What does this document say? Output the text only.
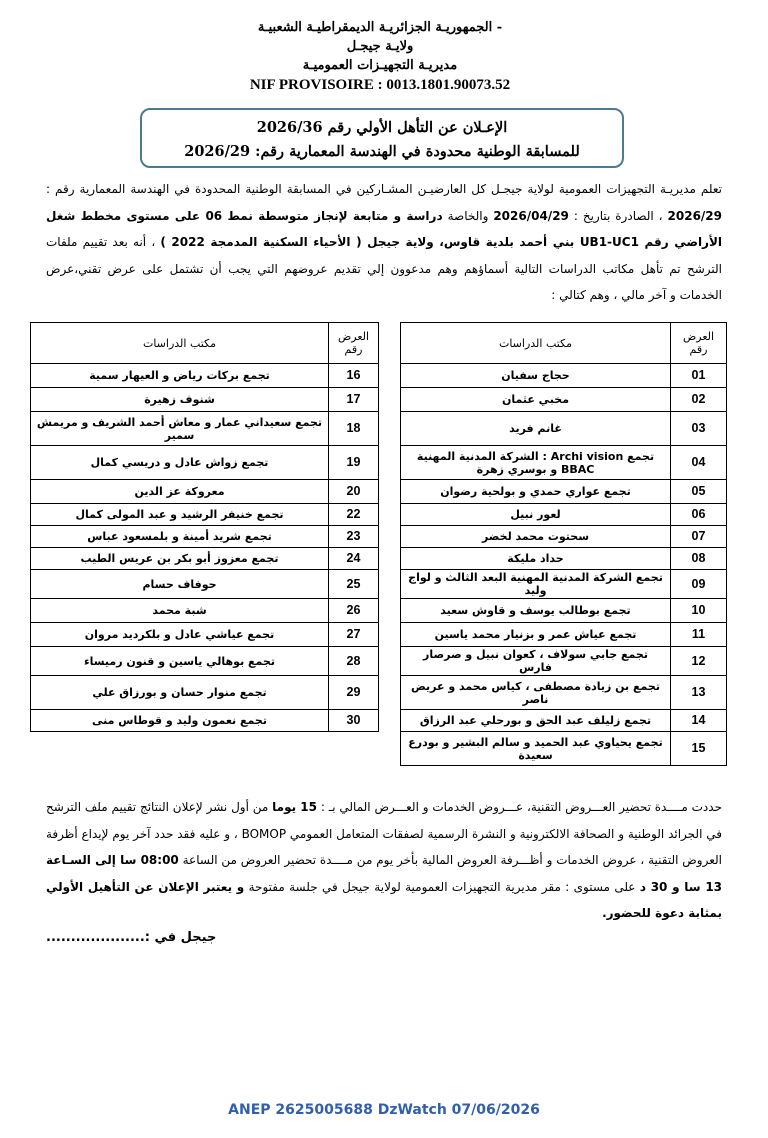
- الجمهوريـة الجزائريـة الديمقراطيـة الشعبيـة
ولايـة جيجـل
مديريـة التجهيـزات العموميـة
NIF PROVISOIRE : 0013.1801.90073.52
الإعـلان عن التأهل الأولي رقم 2026/36
للمسابقة الوطنية محدودة في الهندسة المعمارية رقم: 2026/29
تعلم مديريـة التجهيزات العمومية لولاية جيجـل كل العارضيـن المشـاركين في المسابقة الوطنية المحدودة في الهندسة المعمارية رقم : 2026/29 ، الصادرة بتاريخ : 2026/04/29 والخاصة دراسة و متابعة لإنجاز متوسطة نمط 06 على مستوى مخطط شغل الأراضي رقم UB1-UC1 بني أحمد بلدية قاوس، ولاية جيجل ( الأحياء السكنية المدمجة 2022 ) ، أنه بعد تقييم ملفات الترشح تم تأهل مكاتب الدراسات التالية أسماؤهم وهم مدعوون إلي تقديم عروضهم التي يجب أن تشتمل على عرض تقني،عرض الخدمات و آخر مالي ، وهم كتالي :
العرض رقم	مكتب الدراسات		العرض رقم	مكتب الدراسات
01	حجاج سفيان		16	تجمع بركات رياض و العيهار سمية
02	مخبي عثمان		17	شنوف زهيرة
03	غانم فريد		18	تجمع سعيداني عمار و معاش أحمد الشريف و مريمش سمير
04	تجمع Archi vision : الشركة المدنية المهنية BBAC و بوسري زهرة		19	تجمع زواش عادل و دريسي كمال
05	تجمع عواري حمدي و بولحية رضوان		20	معروكة عز الدين
06	لعور نبيل		22	تجمع خنيفر الرشيد و عبد المولى كمال
07	سحتوت محمد لخضر		23	تجمع شريد أمينة و بلمسعود عباس
08	حداد مليكة		24	تجمع معزوز أبو بكر بن عريس الطيب
09	تجمع الشركة المدنية المهنية البعد الثالث و لواج وليد		25	حوفاف حسام
10	تجمع بوطالب يوسف و قاوش سعيد		26	شبة محمد
11	تجمع عياش عمر و بزنيار محمد ياسين		27	تجمع عياشي عادل و بلكرديد مروان
12	تجمع جابي سولاف ، كعوان نبيل و صرصار فارس		28	تجمع بوهالي ياسين و قنون رميساء
13	تجمع بن زيادة مصطفى ، كياس محمد و عريض ناصر		29	تجمع منوار حسان و بورزاق علي
14	تجمع زليلف عبد الحق و بورحلي عبد الرزاق		30	تجمع نعمون وليد و قوطاس منى
15	تجمع يحياوي عبد الحميد و سالم البشير و بودرع سعيدة			
حددت مــــدة تحضير العـــروض التقنية، عـــروض الخدمات و العـــرض المالي بـ : 15 يوما من أول نشر لإعلان النتائج تقييم ملف الترشح في الجرائد الوطنية و الصحافة الالكترونية و النشرة الرسمية لصفقات المتعامل العمومي BOMOP ، و عليه فقد حدد آخر يوم لإيداع أظرفة العروض التقنية ، عروض الخدمات و أظـــرفة العروض المالية بأخر يوم من مــــدة تحضير العروض من الساعة 08:00 سا إلى السـاعة 13 سا و 30 د على مستوى : مقر مديرية التجهيزات العمومية لولاية جيجل في جلسة مفتوحة و يعتبر الإعلان عن التأهيل الأولي بمثابة دعوة للحضور.
جيجل في :....................
ANEP 2625005688 DzWatch 07/06/2026
